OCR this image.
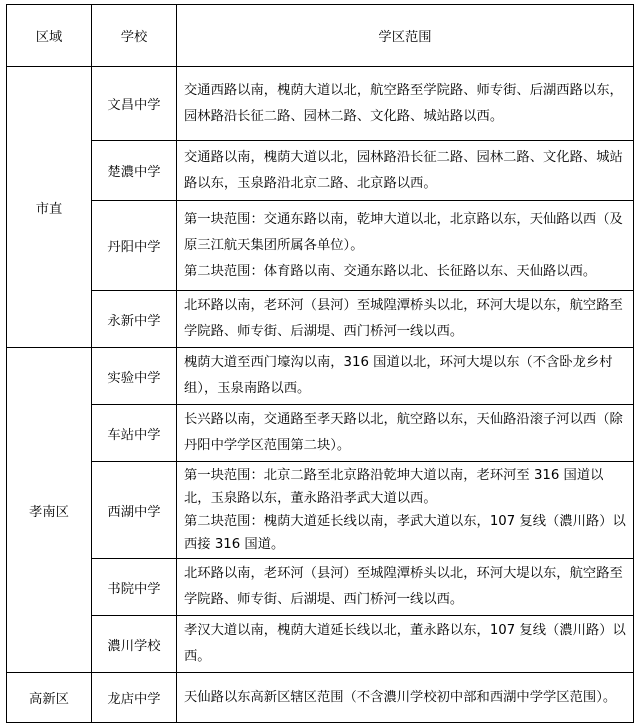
区域	学校	学区范围
市直	文昌中学	交通西路以南，槐荫大道以北，航空路至学院路、师专街、后湖西路以东，园林路沿长征二路、园林二路、文化路、城站路以西。

	楚濃中学	交通路以南，槐荫大道以北，园林路沿长征二路、园林二路、文化路、城站路以东，玉泉路沿北京二路、北京路以西。

	丹阳中学	第一块范围：交通东路以南，乾坤大道以北，北京路以东，天仙路以西（及原三江航天集团所属各单位）。

第二块范围：体育路以南、交通东路以北、长征路以东、天仙路以西。

	永新中学	北环路以南，老环河（县河）至城隍潭桥头以北，环河大堤以东，航空路至学院路、师专街、后湖堤、西门桥河一线以西。

孝南区	实验中学	槐荫大道至西门壕沟以南，316 国道以北，环河大堤以东（不含卧龙乡村组），玉泉南路以西。

	车站中学	长兴路以南，交通路至孝天路以北，航空路以东，天仙路沿滚子河以西（除丹阳中学学区范围第二块）。

	西湖中学	第一块范围：北京二路至北京路沿乾坤大道以南，老环河至 316 国道以北，玉泉路以东，董永路沿孝武大道以西。

第二块范围：槐荫大道延长线以南，孝武大道以东，107 复线（濃川路）以西接 316 国道。

	书院中学	北环路以南，老环河（县河）至城隍潭桥头以北，环河大堤以东，航空路至学院路、师专街、后湖堤、西门桥河一线以西。

	濃川学校	孝汉大道以南，槐荫大道延长线以北，董永路以东，107 复线（濃川路）以西。

高新区	龙店中学	天仙路以东高新区辖区范围（不含濃川学校初中部和西湖中学学区范围）。
